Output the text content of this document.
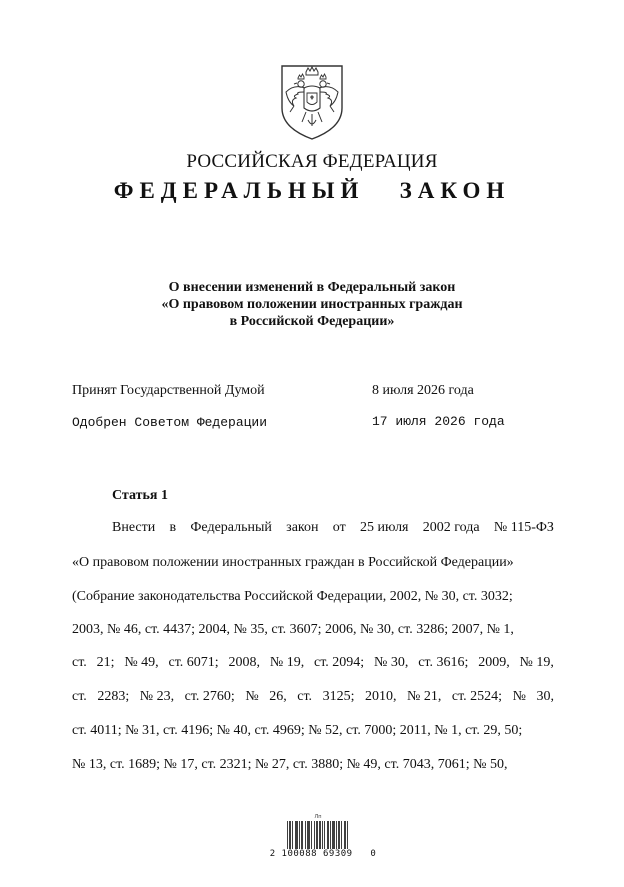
РОССИЙСКАЯ ФЕДЕРАЦИЯ
ФЕДЕРАЛЬНЫЙ   ЗАКОН
О внесении изменений в Федеральный закон
«О правовом положении иностранных граждан
в Российской Федерации»
Принят Государственной Думой	8 июля 2026 года
Одобрен Советом Федерации	17 июля 2026 года
Статья 1
Внести в Федеральный закон от 25 июля 2002 года № 115-ФЗ
«О правовом положении иностранных граждан в Российской Федерации»
(Собрание законодательства Российской Федерации, 2002, № 30, ст. 3032;
2003, № 46, ст. 4437; 2004, № 35, ст. 3607; 2006, № 30, ст. 3286; 2007, № 1,
ст. 21; № 49, ст. 6071; 2008, № 19, ст. 2094; № 30, ст. 3616; 2009, № 19,
ст. 2283; № 23, ст. 2760; № 26, ст. 3125; 2010, № 21, ст. 2524; № 30,
ст. 4011; № 31, ст. 4196; № 40, ст. 4969; № 52, ст. 7000; 2011, № 1, ст. 29, 50;
№ 13, ст. 1689; № 17, ст. 2321; № 27, ст. 3880; № 49, ст. 7043, 7061; № 50,
Лп
2 100088 69309   0
